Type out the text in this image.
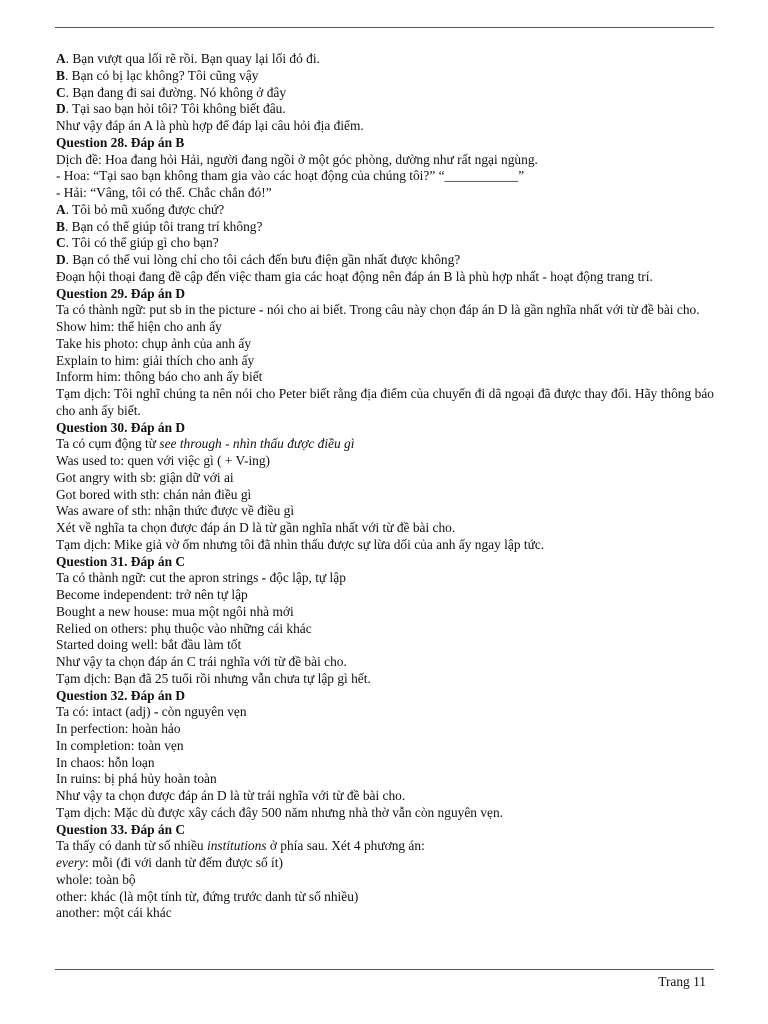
A. Bạn vượt qua lối rẽ rồi. Bạn quay lại lối đó đi.

B. Bạn có bị lạc không? Tôi cũng vậy

C. Bạn đang đi sai đường. Nó không ở đây

D. Tại sao bạn hỏi tôi? Tôi không biết đâu.

Như vậy đáp án A là phù hợp để đáp lại câu hỏi địa điểm.

Question 28. Đáp án B

Dịch đề: Hoa đang hỏi Hải, người đang ngồi ở một góc phòng, dường như rất ngại ngùng.

- Hoa: “Tại sao bạn không tham gia vào các hoạt động của chúng tôi?” “___________”

- Hải: “Vâng, tôi có thể. Chắc chắn đó!”

A. Tôi bỏ mũ xuống được chứ?

B. Bạn có thể giúp tôi trang trí không?

C. Tôi có thể giúp gì cho bạn?

D. Bạn có thể vui lòng chỉ cho tôi cách đến bưu điện gần nhất được không?

Đoạn hội thoại đang đề cập đến việc tham gia các hoạt động nên đáp án B là phù hợp nhất - hoạt động trang trí.

Question 29. Đáp án D

Ta có thành ngữ: put sb in the picture - nói cho ai biết. Trong câu này chọn đáp án D là gần nghĩa nhất với từ đề bài cho.

Show him: thể hiện cho anh ấy

Take his photo: chụp ảnh của anh ấy

Explain to him: giải thích cho anh ấy

Inform him: thông báo cho anh ấy biết

Tạm dịch: Tôi nghĩ chúng ta nên nói cho Peter biết rằng địa điểm của chuyến đi dã ngoại đã được thay đổi. Hãy thông báo cho anh ấy biết.

Question 30. Đáp án D

Ta có cụm động từ see through - nhìn thấu được điều gì

Was used to: quen với việc gì ( + V-ing)

Got angry with sb: giận dữ với ai

Got bored with sth: chán nản điều gì

Was aware of sth: nhận thức được về điều gì

Xét về nghĩa ta chọn được đáp án D là từ gần nghĩa nhất với từ đề bài cho.

Tạm dịch: Mike giả vờ ốm nhưng tôi đã nhìn thấu được sự lừa dối của anh ấy ngay lập tức.

Question 31. Đáp án C

Ta có thành ngữ: cut the apron strings - độc lập, tự lập

Become independent: trở nên tự lập

Bought a new house: mua một ngôi nhà mới

Relied on others: phụ thuộc vào những cái khác

Started doing well: bắt đầu làm tốt

Như vậy ta chọn đáp án C trái nghĩa với từ đề bài cho.

Tạm dịch: Bạn đã 25 tuổi rồi nhưng vẫn chưa tự lập gì hết.

Question 32. Đáp án D

Ta có: intact (adj) - còn nguyên vẹn

In perfection: hoàn hảo

In completion: toàn vẹn

In chaos: hỗn loạn

In ruins: bị phá hủy hoàn toàn

Như vậy ta chọn được đáp án D là từ trái nghĩa với từ đề bài cho.

Tạm dịch: Mặc dù được xây cách đây 500 năm nhưng nhà thờ vẫn còn nguyên vẹn.

Question 33. Đáp án C

Ta thấy có danh từ số nhiều institutions ở phía sau. Xét 4 phương án:

every: mỗi (đi với danh từ đếm được số ít)

whole: toàn bộ

other: khác (là một tính từ, đứng trước danh từ số nhiều)

another: một cái khác

Trang 11
